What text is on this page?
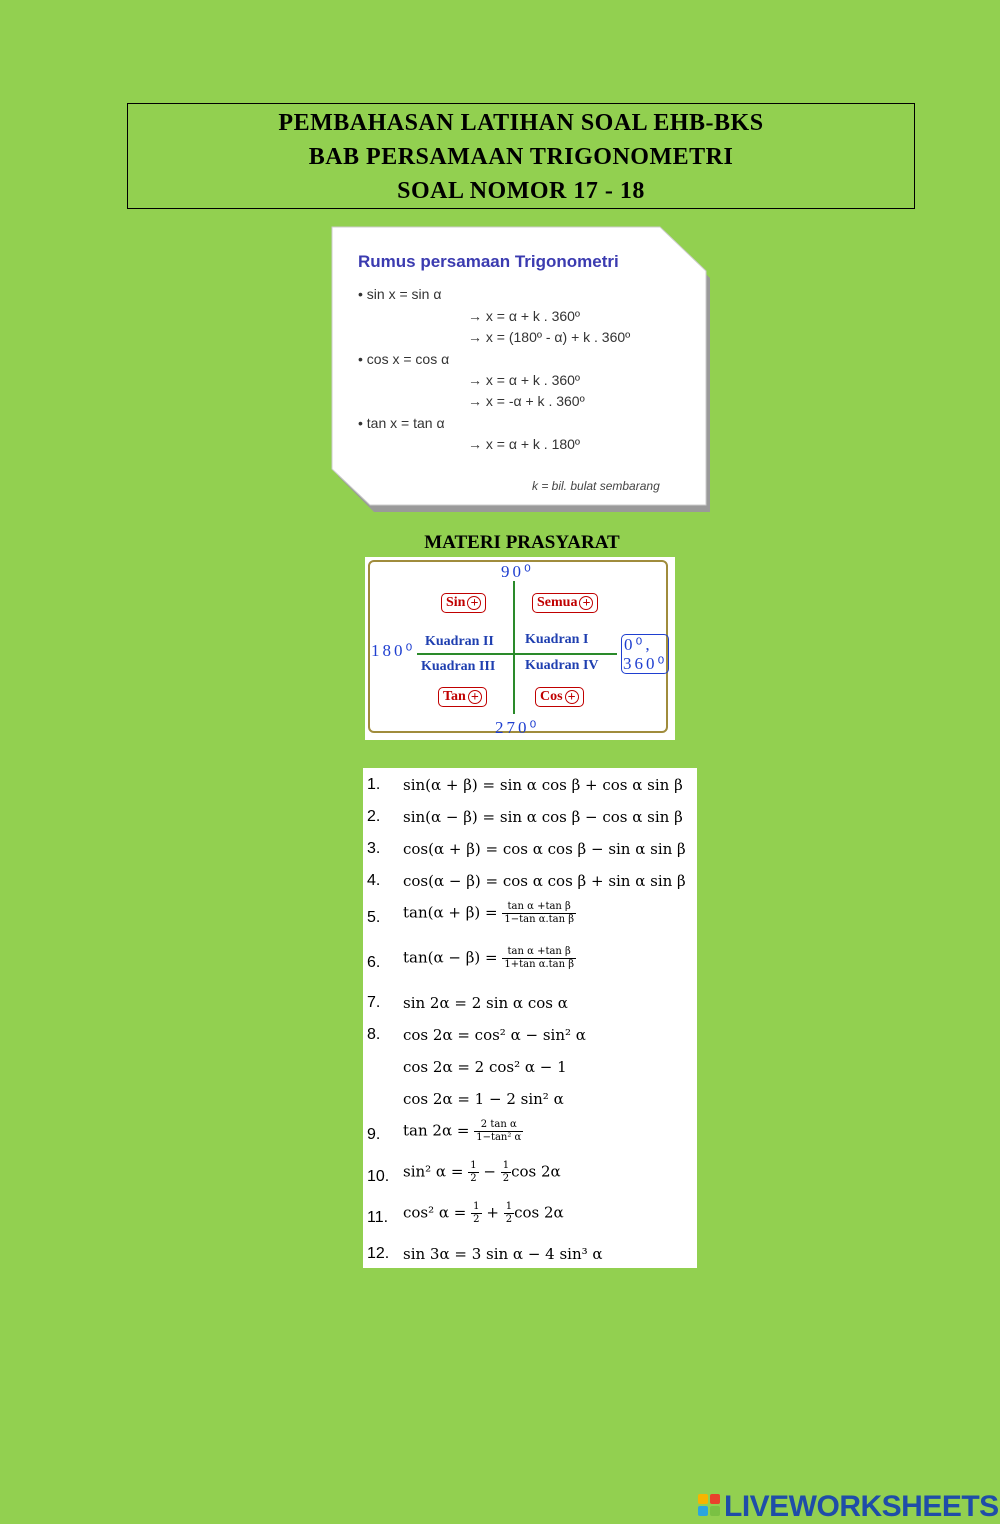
PEMBAHASAN LATIHAN SOAL EHB-BKS
BAB PERSAMAAN TRIGONOMETRI
SOAL NOMOR 17 - 18
Rumus persamaan Trigonometri
• sin x = sin α
→ x = α + k . 360º
→ x = (180º - α) + k . 360º
• cos x = cos α
→ x = α + k . 360º
→ x = -α + k . 360º
• tan x = tan α
→ x = α + k . 180º
k = bil. bulat sembarang
MATERI PRASYARAT
90⁰
180⁰	0⁰,
360⁰
270⁰
Kuadran I
Kuadran II
Kuadran III Kuadran IV
Sin +	Semua +
Tan +	Cos +
1. sin(α + β) = sin α cos β + cos α sin β
2. sin(α − β) = sin α cos β − cos α sin β
3. cos(α + β) = cos α cos β − sin α sin β
4. cos(α − β) = cos α cos β + sin α sin β
5. $\tan(\alpha + \beta) = \frac{\text{tan α +tan β}}{\text{1−tan α.tan β}}$
6. $\tan(\alpha - \beta) = \frac{\text{tan α +tan β}}{\text{1+tan α.tan β}}$
7. sin 2α = 2 sin α cos α
8. cos 2α = cos² α − sin² α
cos 2α = 2 cos² α − 1
cos 2α = 1 − 2 sin² α
9. $\tan 2\alpha = \frac{\text{2 tan α}}{\text{1−tan² α}}$
10. sin² $\alpha = \frac{1}{2} - \frac{1}{2}$ cos 2α
11. cos² $\alpha = \frac{1}{2} + \frac{1}{2}$ cos 2α
12. sin 3α = 3 sin α − 4 sin³ α
LIVEWORKSHEETS
